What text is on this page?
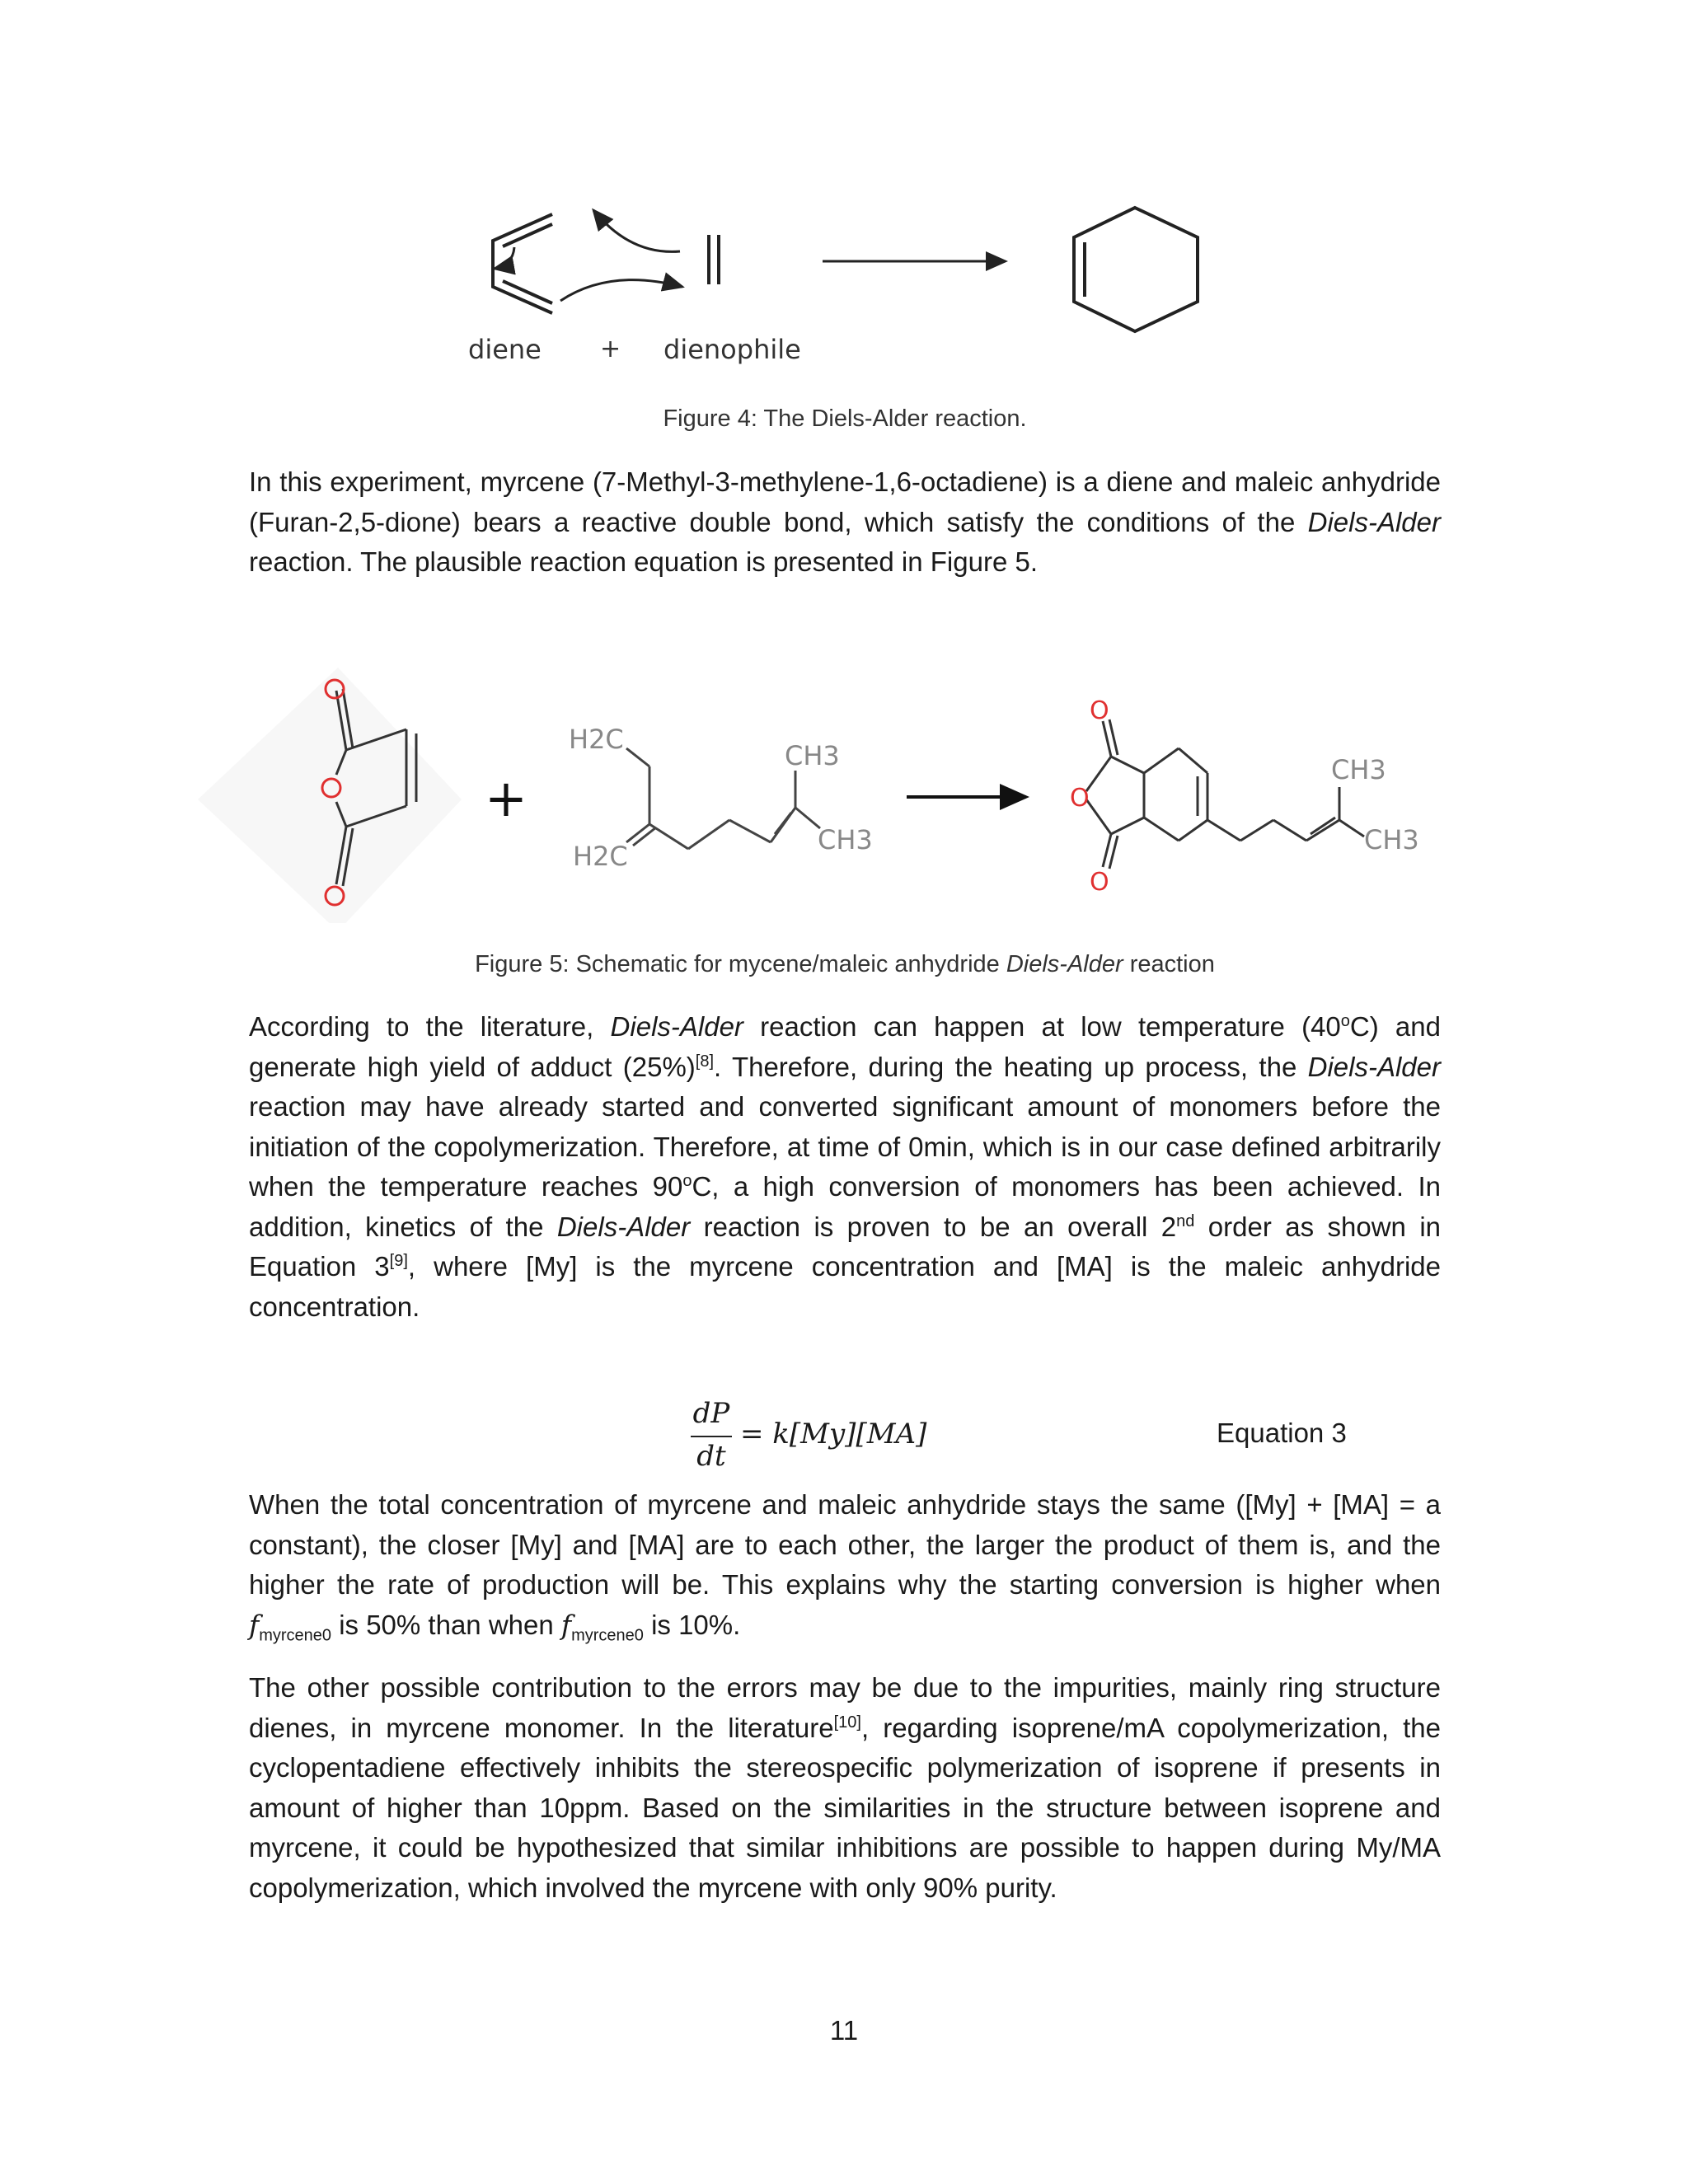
diene + dienophile
Figure 4: The Diels-Alder reaction.
In this experiment, myrcene (7-Methyl-3-methylene-1,6-octadiene) is a diene and maleic anhydride (Furan-2,5-dione) bears a reactive double bond, which satisfy the conditions of the Diels-Alder reaction. The plausible reaction equation is presented in Figure 5.
+
H2C
H2C
CH3
CH3
O
O
O
CH3
CH3
Figure 5: Schematic for mycene/maleic anhydride Diels-Alder reaction
According to the literature, Diels-Alder reaction can happen at low temperature (40$^o$C) and generate high yield of adduct (25%)[8]. Therefore, during the heating up process, the Diels-Alder reaction may have already started and converted significant amount of monomers before the initiation of the copolymerization. Therefore, at time of 0min, which is in our case defined arbitrarily when the temperature reaches 90$^o$C, a high conversion of monomers has been achieved. In addition, kinetics of the Diels-Alder reaction is proven to be an overall 2nd order as shown in Equation 3[9], where [My] is the myrcene concentration and [MA] is the maleic anhydride concentration.
dP
dt
= k[My][MA]	Equation 3
When the total concentration of myrcene and maleic anhydride stays the same ([My] + [MA] = a constant), the closer [My] and [MA] are to each other, the larger the product of them is, and the higher the rate of production will be. This explains why the starting conversion is higher when $f_{myrcene0}$ is 50% than when $f_{myrcene0}$ is 10%.
The other possible contribution to the errors may be due to the impurities, mainly ring structure dienes, in myrcene monomer. In the literature[10], regarding isoprene/mA copolymerization, the cyclopentadiene effectively inhibits the stereospecific polymerization of isoprene if presents in amount of higher than 10ppm. Based on the similarities in the structure between isoprene and myrcene, it could be hypothesized that similar inhibitions are possible to happen during My/MA copolymerization, which involved the myrcene with only 90% purity.
11
